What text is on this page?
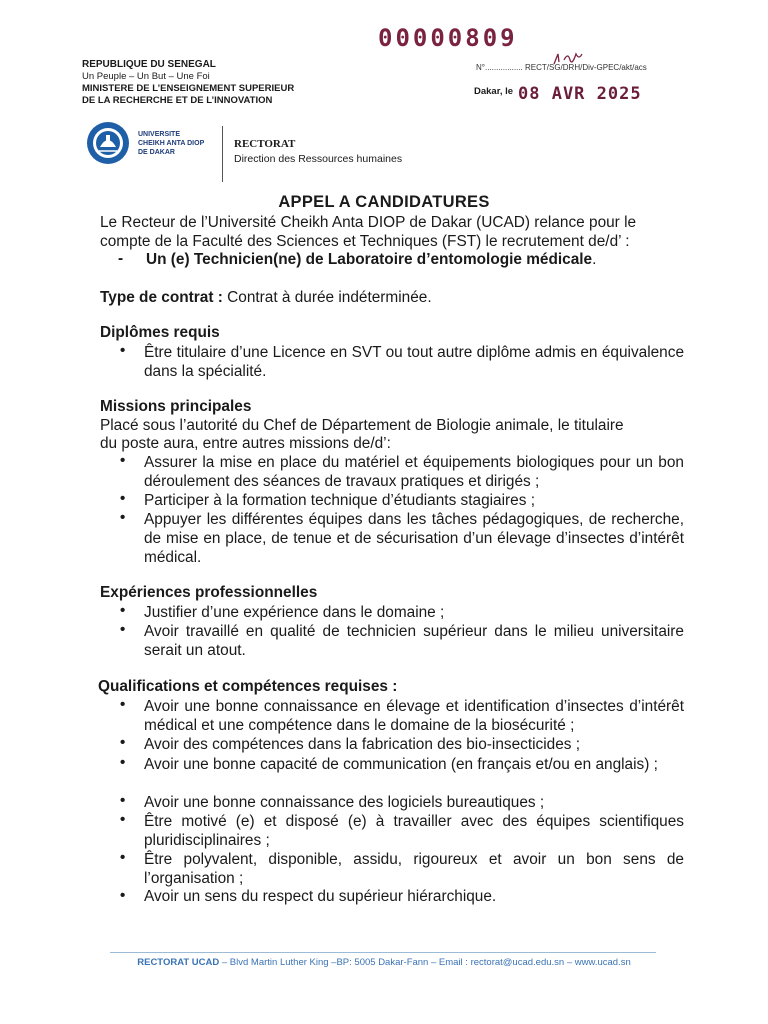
00000809
REPUBLIQUE DU SENEGAL
Un Peuple – Un But – Une Foi
MINISTERE DE L’ENSEIGNEMENT SUPERIEUR
DE LA RECHERCHE ET DE L’INNOVATION
N°................. RECT/SG/DRH/Div-GPEC/akt/acs
Dakar, le 08 AVR 2025
UNIVERSITE
CHEIKH ANTA DIOP
DE DAKAR
RECTORAT
Direction des Ressources humaines
APPEL A CANDIDATURES
Le Recteur de l’Université Cheikh Anta DIOP de Dakar (UCAD) relance pour le
compte de la Faculté des Sciences et Techniques (FST) le recrutement de/d’ :
- Un (e) Technicien(ne) de Laboratoire d’entomologie médicale.
Type de contrat : Contrat à durée indéterminée.
Diplômes requis
• Être titulaire d’une Licence en SVT ou tout autre diplôme admis en équivalence dans la spécialité.
Missions principales
Placé sous l’autorité du Chef de Département de Biologie animale, le titulaire
du poste aura, entre autres missions de/d’:
• Assurer la mise en place du matériel et équipements biologiques pour un bon déroulement des séances de travaux pratiques et dirigés ;
• Participer à la formation technique d’étudiants stagiaires ;
• Appuyer les différentes équipes dans les tâches pédagogiques, de recherche, de mise en place, de tenue et de sécurisation d’un élevage d’insectes d’intérêt médical.
Expériences professionnelles
• Justifier d’une expérience dans le domaine ;
• Avoir travaillé en qualité de technicien supérieur dans le milieu universitaire serait un atout.
Qualifications et compétences requises :
• Avoir une bonne connaissance en élevage et identification d’insectes d’intérêt médical et une compétence dans le domaine de la biosécurité ;
• Avoir des compétences dans la fabrication des bio-insecticides ;
• Avoir une bonne capacité de communication (en français et/ou en anglais) ;
• Avoir une bonne connaissance des logiciels bureautiques ;
• Être motivé (e) et disposé (e) à travailler avec des équipes scientifiques pluridisciplinaires ;
• Être polyvalent, disponible, assidu, rigoureux et avoir un bon sens de l’organisation ;
• Avoir un sens du respect du supérieur hiérarchique.
RECTORAT UCAD – Blvd Martin Luther King –BP: 5005 Dakar-Fann – Email : rectorat@ucad.edu.sn – www.ucad.sn
